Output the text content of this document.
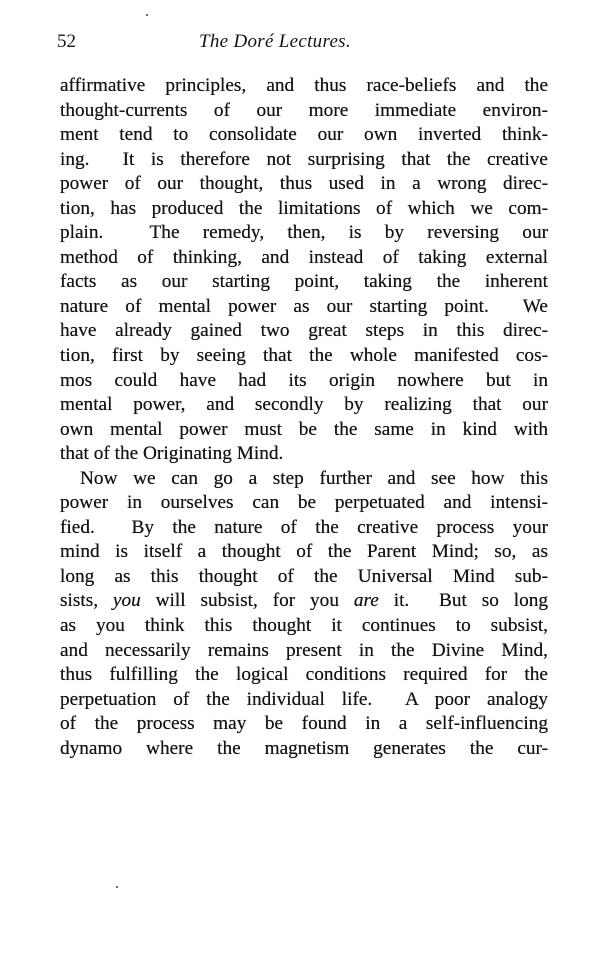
52	The Doré Lectures.
affirmative principles, and thus race-beliefs and the
thought-currents of our more immediate environ-
ment tend to consolidate our own inverted think-
ing.  It is therefore not surprising that the creative
power of our thought, thus used in a wrong direc-
tion, has produced the limitations of which we com-
plain.  The remedy, then, is by reversing our
method of thinking, and instead of taking external
facts as our starting point, taking the inherent
nature of mental power as our starting point.  We
have already gained two great steps in this direc-
tion, first by seeing that the whole manifested cos-
mos could have had its origin nowhere but in
mental power, and secondly by realizing that our
own mental power must be the same in kind with
that of the Originating Mind.
Now we can go a step further and see how this
power in ourselves can be perpetuated and intensi-
fied.  By the nature of the creative process your
mind is itself a thought of the Parent Mind; so, as
long as this thought of the Universal Mind sub-
sists, you will subsist, for you are it.  But so long
as you think this thought it continues to subsist,
and necessarily remains present in the Divine Mind,
thus fulfilling the logical conditions required for the
perpetuation of the individual life.  A poor analogy
of the process may be found in a self-influencing
dynamo where the magnetism generates the cur-
